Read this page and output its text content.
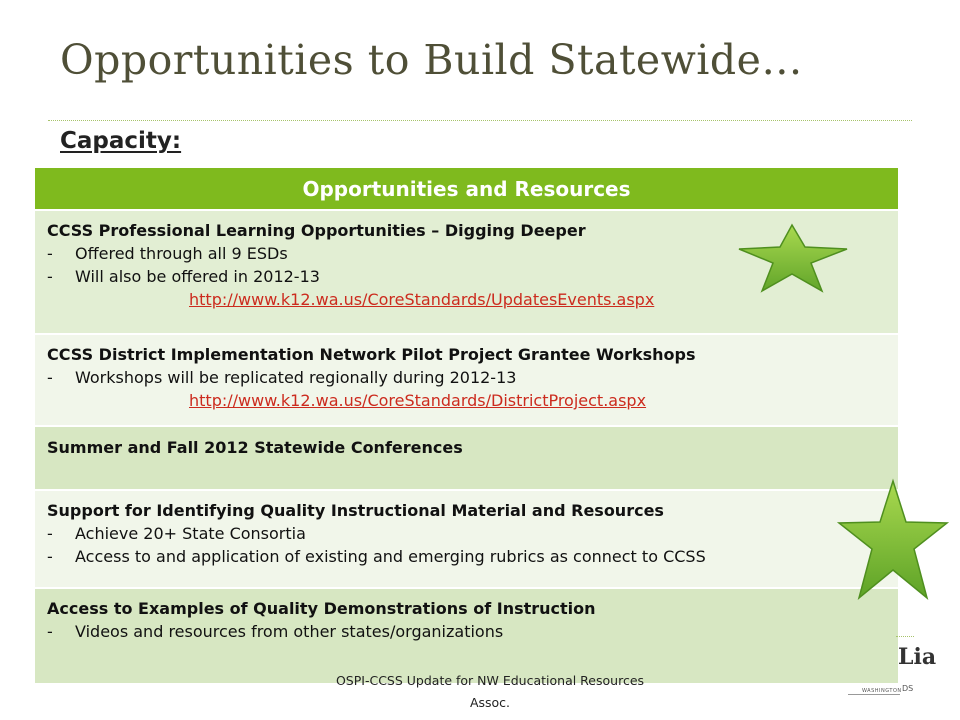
Opportunities to Build Statewide…
Capacity:
Opportunities and Resources
CCSS Professional Learning Opportunities – Digging Deeper
-	Offered through all 9 ESDs
-	Will also be offered in 2012-13
http://www.k12.wa.us/CoreStandards/UpdatesEvents.aspx
CCSS District Implementation Network Pilot Project Grantee Workshops
-	Workshops will be replicated regionally during 2012-13
http://www.k12.wa.us/CoreStandards/DistrictProject.aspx
Summer and Fall 2012 Statewide Conferences
Support for Identifying Quality Instructional Material and Resources
-	Achieve 20+ State Consortia
-	Access to and application of existing and emerging rubrics as connect to CCSS
Access to Examples of Quality Demonstrations of Instruction
-	Videos and resources from other states/organizations
OSPI-CCSS Update for NW Educational Resources
Assoc.
Lia
DS
WASHINGTON
